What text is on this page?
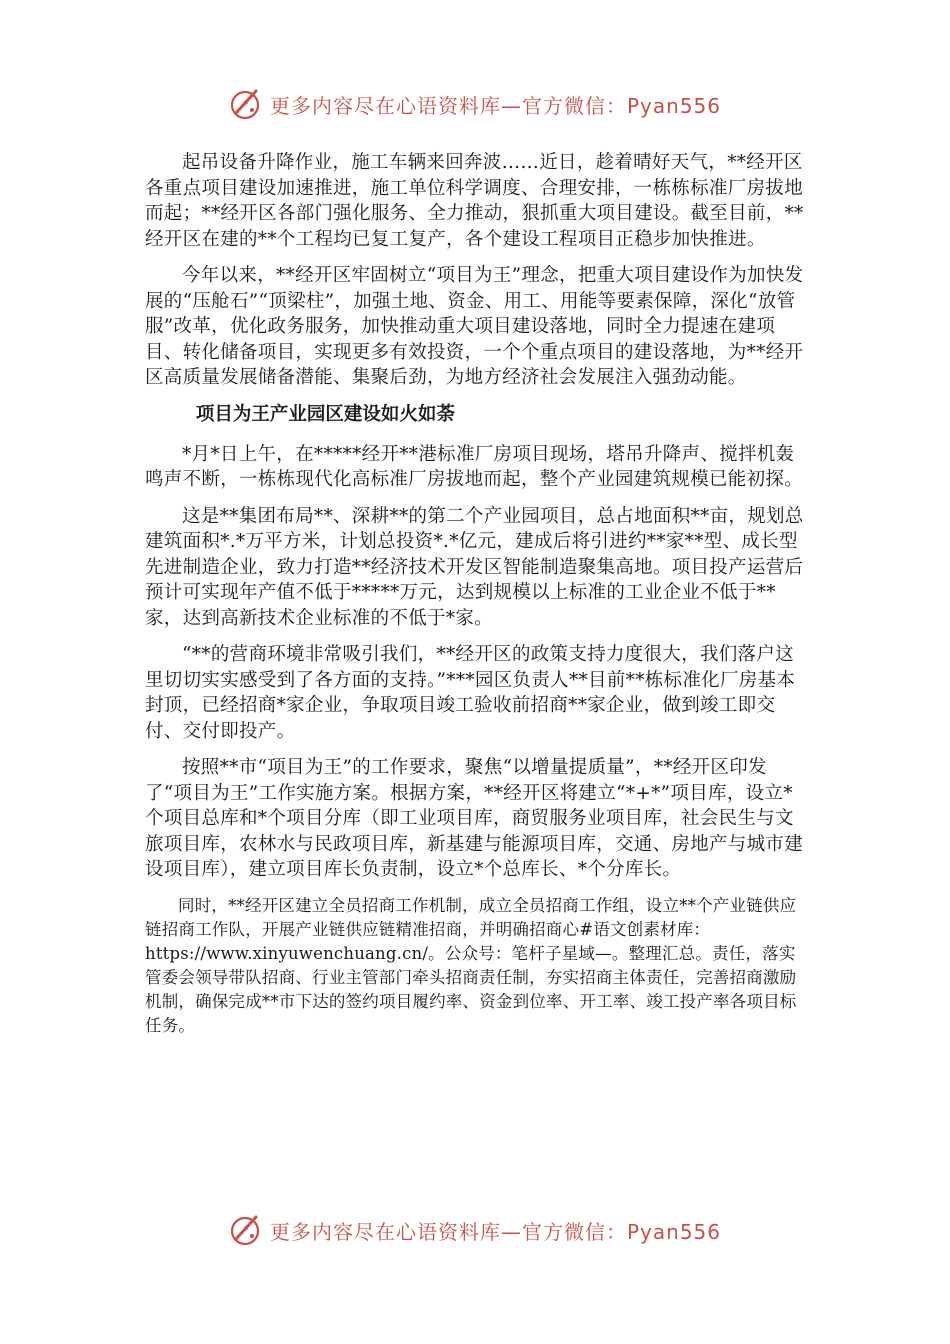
更多内容尽在心语资料库—官方微信：Pyan556

起吊设备升降作业，施工车辆来回奔波……近日，趁着晴好天气，**经开区各重点项目建设加速推进，施工单位科学调度、合理安排，一栋栋标准厂房拔地而起；**经开区各部门强化服务、全力推动，狠抓重大项目建设。截至目前，**经开区在建的**个工程均已复工复产，各个建设工程项目正稳步加快推进。

今年以来，**经开区牢固树立“项目为王”理念，把重大项目建设作为加快发展的“压舱石”“顶梁柱”，加强土地、资金、用工、用能等要素保障，深化“放管服”改革，优化政务服务，加快推动重大项目建设落地，同时全力提速在建项目、转化储备项目，实现更多有效投资，一个个重点项目的建设落地，为**经开区高质量发展储备潜能、集聚后劲，为地方经济社会发展注入强劲动能。

项目为王产业园区建设如火如荼

*月*日上午，在*****经开**港标准厂房项目现场，塔吊升降声、搅拌机轰鸣声不断，一栋栋现代化高标准厂房拔地而起，整个产业园建筑规模已能初探。

这是**集团布局**、深耕**的第二个产业园项目，总占地面积**亩，规划总建筑面积*.*万平方米，计划总投资*.*亿元，建成后将引进约**家**型、成长型先进制造企业，致力打造**经济技术开发区智能制造聚集高地。项目投产运营后预计可实现年产值不低于*****万元，达到规模以上标准的工业企业不低于**家，达到高新技术企业标准的不低于*家。

“**的营商环境非常吸引我们，**经开区的政策支持力度很大，我们落户这里切切实实感受到了各方面的支持。”***园区负责人**目前**栋标准化厂房基本封顶，已经招商*家企业，争取项目竣工验收前招商**家企业，做到竣工即交付、交付即投产。

按照**市“项目为王”的工作要求，聚焦“以增量提质量”，**经开区印发了“项目为王”工作实施方案。根据方案，**经开区将建立“*+*”项目库，设立*个项目总库和*个项目分库（即工业项目库，商贸服务业项目库，社会民生与文旅项目库，农林水与民政项目库，新基建与能源项目库，交通、房地产与城市建设项目库），建立项目库长负责制，设立*个总库长、*个分库长。

同时，**经开区建立全员招商工作机制，成立全员招商工作组，设立**个产业链供应链招商工作队，开展产业链供应链精准招商，并明确招商心#语文创素材库：https://www.xinyuwenchuang.cn/。公众号：笔杆子星域—。整理汇总。责任，落实管委会领导带队招商、行业主管部门牵头招商责任制，夯实招商主体责任，完善招商激励机制，确保完成**市下达的签约项目履约率、资金到位率、开工率、竣工投产率各项目标任务。

更多内容尽在心语资料库—官方微信：Pyan556
